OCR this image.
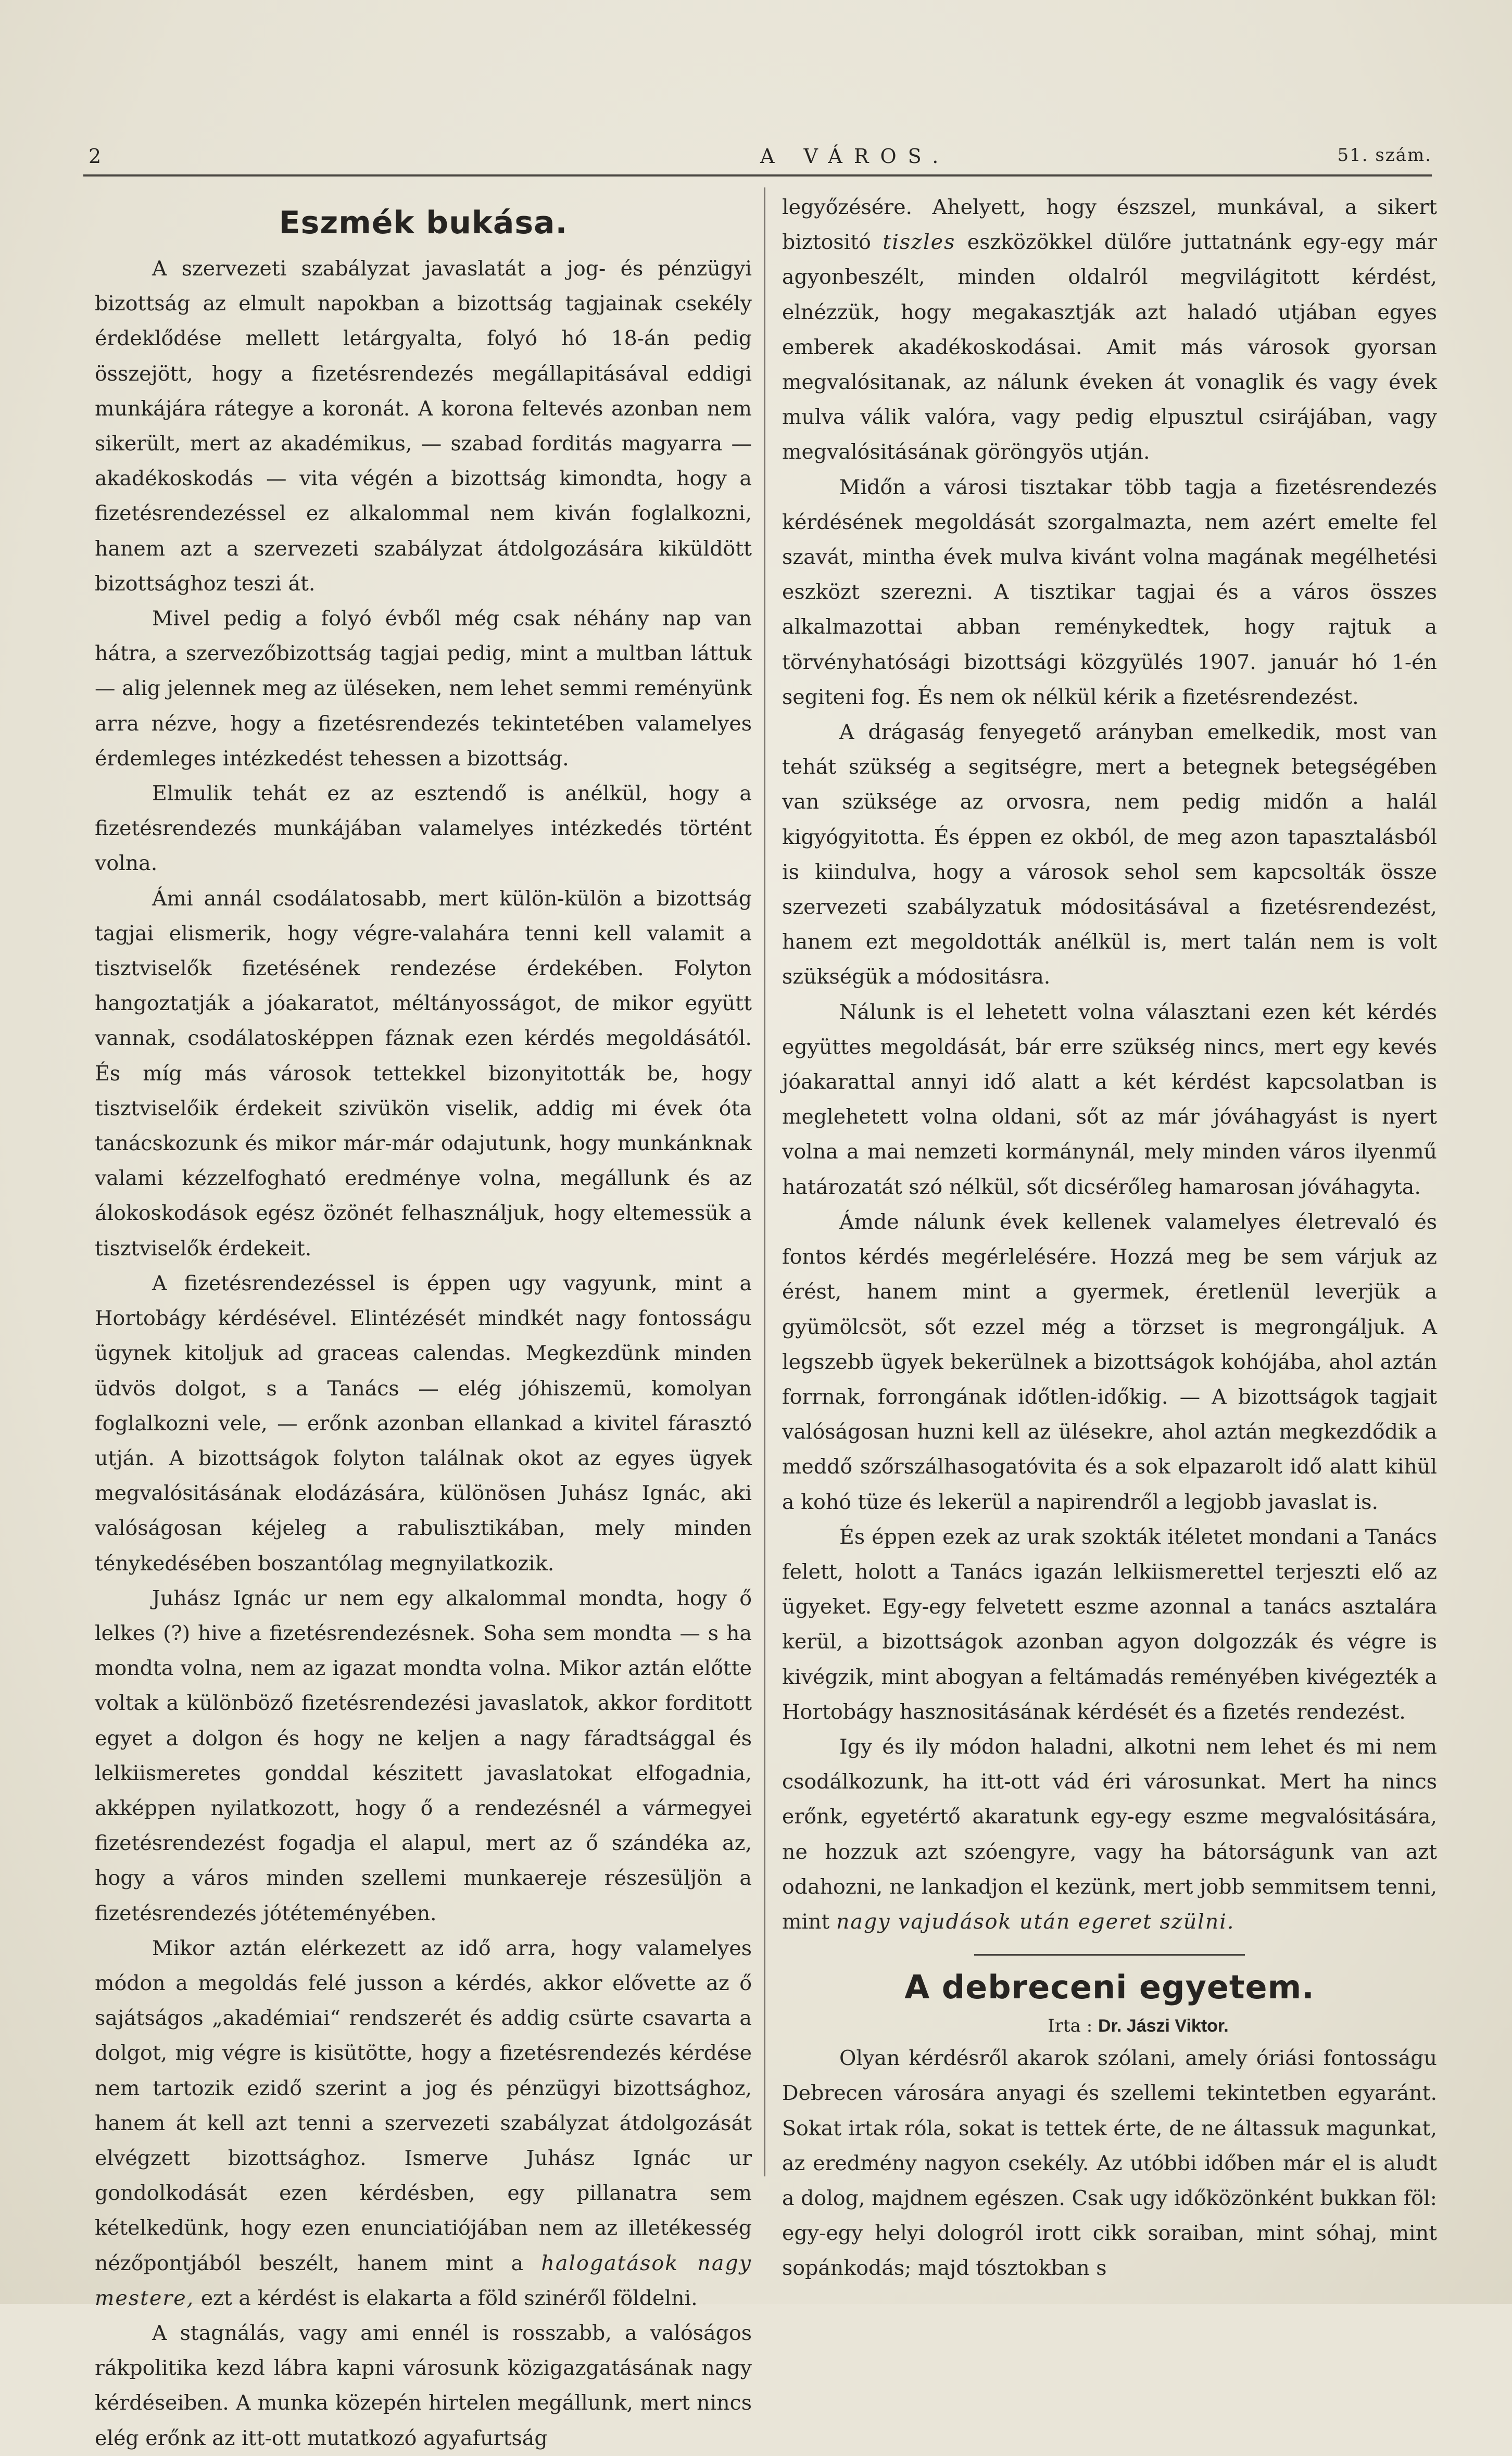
2	A VÁROS.	51. szám.
Eszmék bukása.

A szervezeti szabályzat javaslatát a jog- és pénzügyi bizottság az elmult napokban a bizottság tagjainak csekély érdeklődése mellett letárgyalta, folyó hó 18-án pedig összejött, hogy a fizetésrendezés megállapitásával eddigi munkájára rátegye a koronát. A korona feltevés azonban nem sikerült, mert az akadémikus, — szabad forditás magyarra — akadékoskodás — vita végén a bizottság kimondta, hogy a fizetésrendezéssel ez alkalommal nem kiván foglalkozni, hanem azt a szervezeti szabályzat átdolgozására kiküldött bizottsághoz teszi át.

Mivel pedig a folyó évből még csak néhány nap van hátra, a szervezőbizottság tagjai pedig, mint a multban láttuk — alig jelennek meg az üléseken, nem lehet semmi reményünk arra nézve, hogy a fizetésrendezés tekintetében valamelyes érdemleges intézkedést tehessen a bizottság.

Elmulik tehát ez az esztendő is anélkül, hogy a fizetésrendezés munkájában valamelyes intézkedés történt volna.

Ámi annál csodálatosabb, mert külön-külön a bizottság tagjai elismerik, hogy végre-valahára tenni kell valamit a tisztviselők fizetésének rendezése érdekében. Folyton hangoztatják a jóakaratot, méltányosságot, de mikor együtt vannak, csodálatosképpen fáznak ezen kérdés megoldásától. És míg más városok tettekkel bizonyitották be, hogy tisztviselőik érdekeit szivükön viselik, addig mi évek óta tanácskozunk és mikor már-már odajutunk, hogy munkánknak valami kézzelfogható eredménye volna, megállunk és az álokoskodások egész özönét felhasználjuk, hogy eltemessük a tisztviselők érdekeit.

A fizetésrendezéssel is éppen ugy vagyunk, mint a Hortobágy kérdésével. Elintézését mindkét nagy fontosságu ügynek kitoljuk ad graceas calendas. Megkezdünk minden üdvös dolgot, s a Tanács — elég jóhiszemü, komolyan foglalkozni vele, — erőnk azonban ellankad a kivitel fárasztó utján. A bizottságok folyton találnak okot az egyes ügyek megvalósitásának elodázására, különösen Juhász Ignác, aki valóságosan kéjeleg a rabulisztikában, mely minden ténykedésében boszantólag megnyilatkozik.

Juhász Ignác ur nem egy alkalommal mondta, hogy ő lelkes (?) hive a fizetésrendezésnek. Soha sem mondta — s ha mondta volna, nem az igazat mondta volna. Mikor aztán előtte voltak a különböző fizetésrendezési javaslatok, akkor forditott egyet a dolgon és hogy ne keljen a nagy fáradtsággal és lelkiismeretes gonddal készitett javaslatokat elfogadnia, akképpen nyilatkozott, hogy ő a rendezésnél a vármegyei fizetésrendezést fogadja el alapul, mert az ő szándéka az, hogy a város minden szellemi munkaereje részesüljön a fizetésrendezés jótéteményében.

Mikor aztán elérkezett az idő arra, hogy valamelyes módon a megoldás felé jusson a kérdés, akkor elővette az ő sajátságos „akadémiai“ rendszerét és addig csürte csavarta a dolgot, mig végre is kisütötte, hogy a fizetésrendezés kérdése nem tartozik ezidő szerint a jog és pénzügyi bizottsághoz, hanem át kell azt tenni a szervezeti szabályzat átdolgozását elvégzett bizottsághoz. Ismerve Juhász Ignác ur gondolkodását ezen kérdésben, egy pillanatra sem kételkedünk, hogy ezen enunciatiójában nem az illetékesség nézőpontjából beszélt, hanem mint a halogatások nagy mestere, ezt a kérdést is elakarta a föld szinéről földelni.

A stagnálás, vagy ami ennél is rosszabb, a valóságos rákpolitika kezd lábra kapni városunk közigazgatásának nagy kérdéseiben. A munka közepén hirtelen megállunk, mert nincs elég erőnk az itt-ott mutatkozó agyafurtság

legyőzésére. Ahelyett, hogy észszel, munkával, a sikert biztositó tiszles eszközökkel dülőre juttatnánk egy-egy már agyonbeszélt, minden oldalról megvilágitott kérdést, elnézzük, hogy megakasztják azt haladó utjában egyes emberek akadékoskodásai. Amit más városok gyorsan megvalósitanak, az nálunk éveken át vonaglik és vagy évek mulva válik valóra, vagy pedig elpusztul csirájában, vagy megvalósitásának göröngyös utján.

Midőn a városi tisztakar több tagja a fizetésrendezés kérdésének megoldását szorgalmazta, nem azért emelte fel szavát, mintha évek mulva kivánt volna magának megélhetési eszközt szerezni. A tisztikar tagjai és a város összes alkalmazottai abban reménykedtek, hogy rajtuk a törvényhatósági bizottsági közgyülés 1907. január hó 1-én segiteni fog. És nem ok nélkül kérik a fizetésrendezést.

A drágaság fenyegető arányban emelkedik, most van tehát szükség a segitségre, mert a betegnek betegségében van szüksége az orvosra, nem pedig midőn a halál kigyógyitotta. És éppen ez okból, de meg azon tapasztalásból is kiindulva, hogy a városok sehol sem kapcsolták össze szervezeti szabályzatuk módositásával a fizetésrendezést, hanem ezt megoldották anélkül is, mert talán nem is volt szükségük a módositásra.

Nálunk is el lehetett volna választani ezen két kérdés együttes megoldását, bár erre szükség nincs, mert egy kevés jóakarattal annyi idő alatt a két kérdést kapcsolatban is meglehetett volna oldani, sőt az már jóváhagyást is nyert volna a mai nemzeti kormánynál, mely minden város ilyenmű határozatát szó nélkül, sőt dicsérőleg hamarosan jóváhagyta.

Ámde nálunk évek kellenek valamelyes életrevaló és fontos kérdés megérlelésére. Hozzá meg be sem várjuk az érést, hanem mint a gyermek, éretlenül leverjük a gyümölcsöt, sőt ezzel még a törzset is megrongáljuk. A legszebb ügyek bekerülnek a bizottságok kohójába, ahol aztán forrnak, forrongának időtlen-időkig. — A bizottságok tagjait valóságosan huzni kell az ülésekre, ahol aztán megkezdődik a meddő szőrszálhasogatóvita és a sok elpazarolt idő alatt kihül a kohó tüze és lekerül a napirendről a legjobb javaslat is.

És éppen ezek az urak szokták itéletet mondani a Tanács felett, holott a Tanács igazán lelkiismerettel terjeszti elő az ügyeket. Egy-egy felvetett eszme azonnal a tanács asztalára kerül, a bizottságok azonban agyon dolgozzák és végre is kivégzik, mint abogyan a feltámadás reményében kivégezték a Hortobágy hasznositásának kérdését és a fizetés rendezést.

Igy és ily módon haladni, alkotni nem lehet és mi nem csodálkozunk, ha itt-ott vád éri városunkat. Mert ha nincs erőnk, egyetértő akaratunk egy-egy eszme megvalósitására, ne hozzuk azt szóengyre, vagy ha bátorságunk van azt odahozni, ne lankadjon el kezünk, mert jobb semmitsem tenni, mint nagy vajudások után egeret szülni.

A debreceni egyetem.

Irta : Dr. Jászi Viktor.

Olyan kérdésről akarok szólani, amely óriási fontosságu Debrecen városára anyagi és szellemi tekintetben egyaránt. Sokat irtak róla, sokat is tettek érte, de ne áltassuk magunkat, az eredmény nagyon csekély. Az utóbbi időben már el is aludt a dolog, majdnem egészen. Csak ugy időközönként bukkan föl: egy-egy helyi dologról irott cikk soraiban, mint sóhaj, mint sopánkodás; majd tósztokban s
